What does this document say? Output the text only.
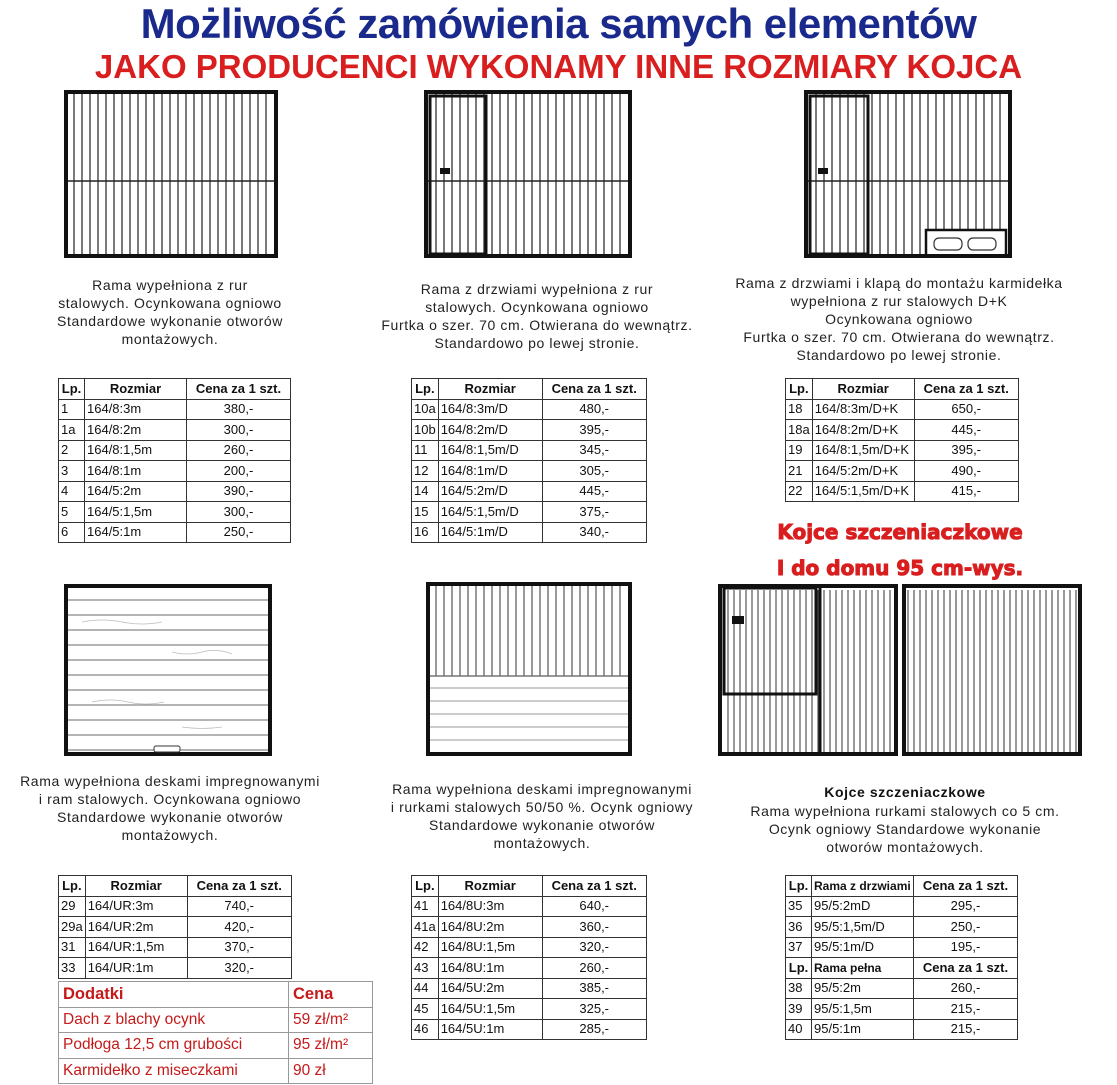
Możliwość zamówienia samych elementów
JAKO PRODUCENCI WYKONAMY INNE ROZMIARY KOJCA
Rama wypełniona z rur
stalowych. Ocynkowana ogniowo
Standardowe wykonanie otworów
montażowych.
Rama z drzwiami wypełniona z rur
stalowych. Ocynkowana ogniowo
Furtka o szer. 70 cm. Otwierana do wewnątrz.
Standardowo po lewej stronie.
Rama z drzwiami i klapą do montażu karmidełka
wypełniona z rur stalowych D+K
Ocynkowana ogniowo
Furtka o szer. 70 cm. Otwierana do wewnątrz.
Standardowo po lewej stronie.
Rama wypełniona deskami impregnowanymi
i ram stalowych. Ocynkowana ogniowo
Standardowe wykonanie otworów
montażowych.
Rama wypełniona deskami impregnowanymi
i rurkami stalowych 50/50 %. Ocynk ogniowy
Standardowe wykonanie otworów
montażowych.
Kojce szczeniaczkowe
I do domu 95 cm-wys.
Kojce szczeniaczkowe
Rama wypełniona rurkami stalowych co 5 cm.
Ocynk ogniowy Standardowe wykonanie
otworów montażowych.
Lp.	Rozmiar	Cena za 1 szt.
1	164/8:3m	380,-
1a	164/8:2m	300,-
2	164/8:1,5m	260,-
3	164/8:1m	200,-
4	164/5:2m	390,-
5	164/5:1,5m	300,-
6	164/5:1m	250,-
Lp.	Rozmiar	Cena za 1 szt.
10a	164/8:3m/D	480,-
10b	164/8:2m/D	395,-
11	164/8:1,5m/D	345,-
12	164/8:1m/D	305,-
14	164/5:2m/D	445,-
15	164/5:1,5m/D	375,-
16	164/5:1m/D	340,-
Lp.	Rozmiar	Cena za 1 szt.
18	164/8:3m/D+K	650,-
18a	164/8:2m/D+K	445,-
19	164/8:1,5m/D+K	395,-
21	164/5:2m/D+K	490,-
22	164/5:1,5m/D+K	415,-
Lp.	Rozmiar	Cena za 1 szt.
29	164/UR:3m	740,-
29a	164/UR:2m	420,-
31	164/UR:1,5m	370,-
33	164/UR:1m	320,-
Lp.	Rozmiar	Cena za 1 szt.
41	164/8U:3m	640,-
41a	164/8U:2m	360,-
42	164/8U:1,5m	320,-
43	164/8U:1m	260,-
44	164/5U:2m	385,-
45	164/5U:1,5m	325,-
46	164/5U:1m	285,-
Lp.	Rama z drzwiami	Cena za 1 szt.
35	95/5:2mD	295,-
36	95/5:1,5m/D	250,-
37	95/5:1m/D	195,-
Lp.	Rama pełna	Cena za 1 szt.
38	95/5:2m	260,-
39	95/5:1,5m	215,-
40	95/5:1m	215,-
Dodatki	Cena
Dach z blachy ocynk	59 zł/m²
Podłoga 12,5 cm grubości	95 zł/m²
Karmidełko z miseczkami	90 zł
